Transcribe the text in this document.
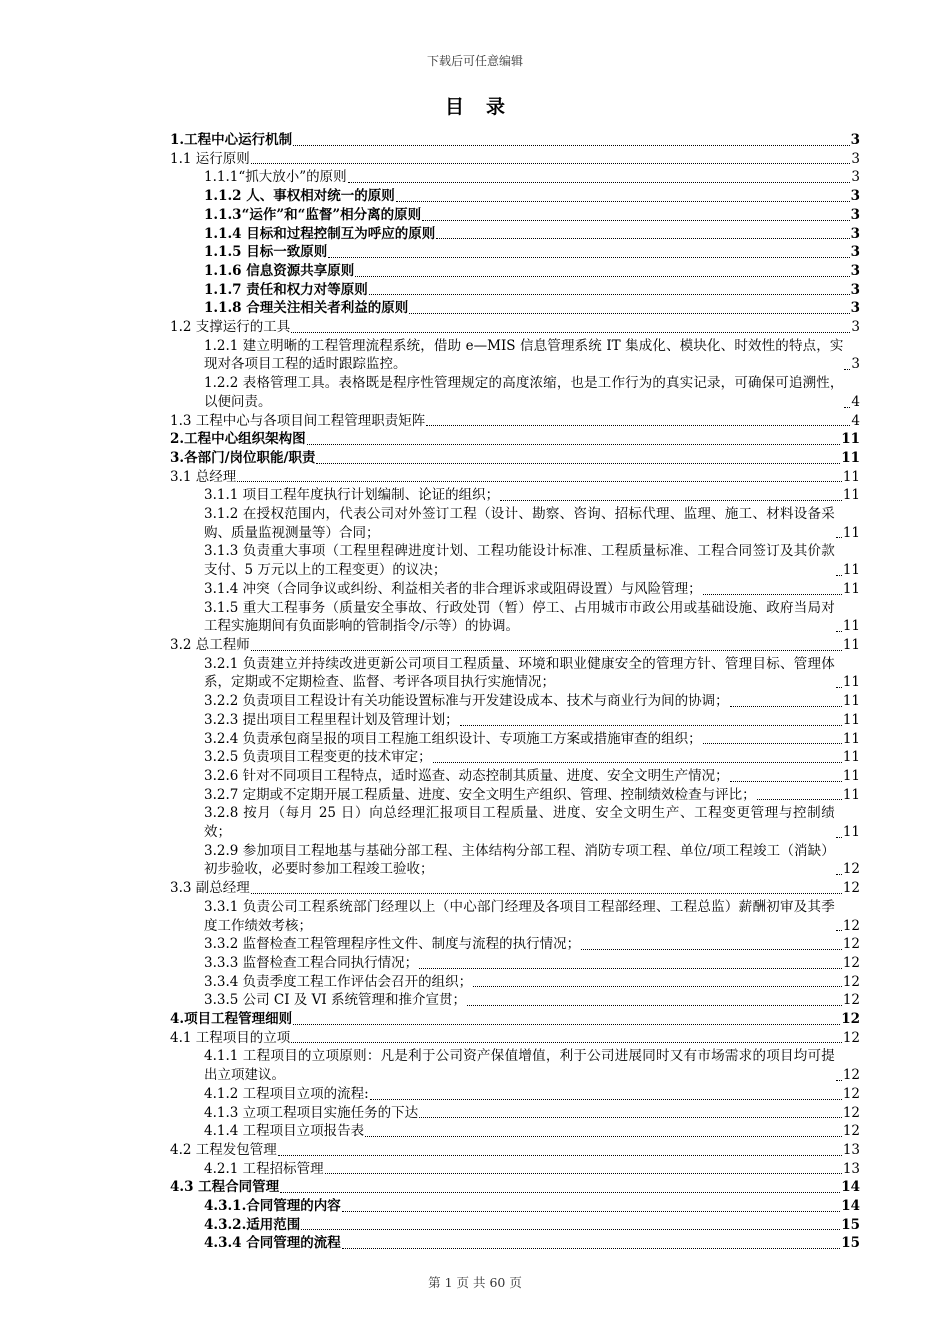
下载后可任意编辑
目录
1.工程中心运行机制	3
1.1 运行原则	3
1.1.1“抓大放小”的原则	3
1.1.2 人、事权相对统一的原则	3
1.1.3“运作”和“监督”相分离的原则	3
1.1.4 目标和过程控制互为呼应的原则	3
1.1.5 目标一致原则	3
1.1.6 信息资源共享原则	3
1.1.7 责任和权力对等原则	3
1.1.8 合理关注相关者利益的原则	3
1.2 支撑运行的工具	3
1.2.1 建立明晰的工程管理流程系统，借助 e—MIS 信息管理系统 IT 集成化、模块化、时效性的特点，实现对各项目工程的适时跟踪监控。	3
1.2.2 表格管理工具。表格既是程序性管理规定的高度浓缩，也是工作行为的真实记录，可确保可追溯性，以便问责。	4
1.3 工程中心与各项目间工程管理职责矩阵	4
2.工程中心组织架构图	11
3.各部门/岗位职能/职责	11
3.1 总经理	11
3.1.1 项目工程年度执行计划编制、论证的组织；	11
3.1.2 在授权范围内，代表公司对外签订工程（设计、勘察、咨询、招标代理、监理、施工、材料设备采购、质量监视测量等）合同；	11
3.1.3 负责重大事项（工程里程碑进度计划、工程功能设计标准、工程质量标准、工程合同签订及其价款支付、5 万元以上的工程变更）的议决；	11
3.1.4 冲突（合同争议或纠纷、利益相关者的非合理诉求或阻碍设置）与风险管理；	11
3.1.5 重大工程事务（质量安全事故、行政处罚（暂）停工、占用城市市政公用或基础设施、政府当局对工程实施期间有负面影响的管制指令/示等）的协调。	11
3.2 总工程师	11
3.2.1 负责建立并持续改进更新公司项目工程质量、环境和职业健康安全的管理方针、管理目标、管理体系，定期或不定期检查、监督、考评各项目执行实施情况；	11
3.2.2 负责项目工程设计有关功能设置标准与开发建设成本、技术与商业行为间的协调；	11
3.2.3 提出项目工程里程计划及管理计划；	11
3.2.4 负责承包商呈报的项目工程施工组织设计、专项施工方案或措施审查的组织；	11
3.2.5 负责项目工程变更的技术审定；	11
3.2.6 针对不同项目工程特点，适时巡查、动态控制其质量、进度、安全文明生产情况；	11
3.2.7 定期或不定期开展工程质量、进度、安全文明生产组织、管理、控制绩效检查与评比；	11
3.2.8 按月（每月 25 日）向总经理汇报项目工程质量、进度、安全文明生产、工程变更管理与控制绩效；	11
3.2.9 参加项目工程地基与基础分部工程、主体结构分部工程、消防专项工程、单位/项工程竣工（消缺）初步验收，必要时参加工程竣工验收；	12
3.3 副总经理	12
3.3.1 负责公司工程系统部门经理以上（中心部门经理及各项目工程部经理、工程总监）薪酬初审及其季度工作绩效考核；	12
3.3.2 监督检查工程管理程序性文件、制度与流程的执行情况；	12
3.3.3 监督检查工程合同执行情况；	12
3.3.4 负责季度工程工作评估会召开的组织；	12
3.3.5 公司 CI 及 VI 系统管理和推介宣贯；	12
4.项目工程管理细则	12
4.1 工程项目的立项	12
4.1.1 工程项目的立项原则：凡是利于公司资产保值增值，利于公司进展同时又有市场需求的项目均可提出立项建议。	12
4.1.2 工程项目立项的流程:	12
4.1.3 立项工程项目实施任务的下达	12
4.1.4 工程项目立项报告表	12
4.2 工程发包管理	13
4.2.1 工程招标管理	13
4.3 工程合同管理	14
4.3.1.合同管理的内容	14
4.3.2.适用范围	15
4.3.4 合同管理的流程	15
第 1 页 共 60 页
